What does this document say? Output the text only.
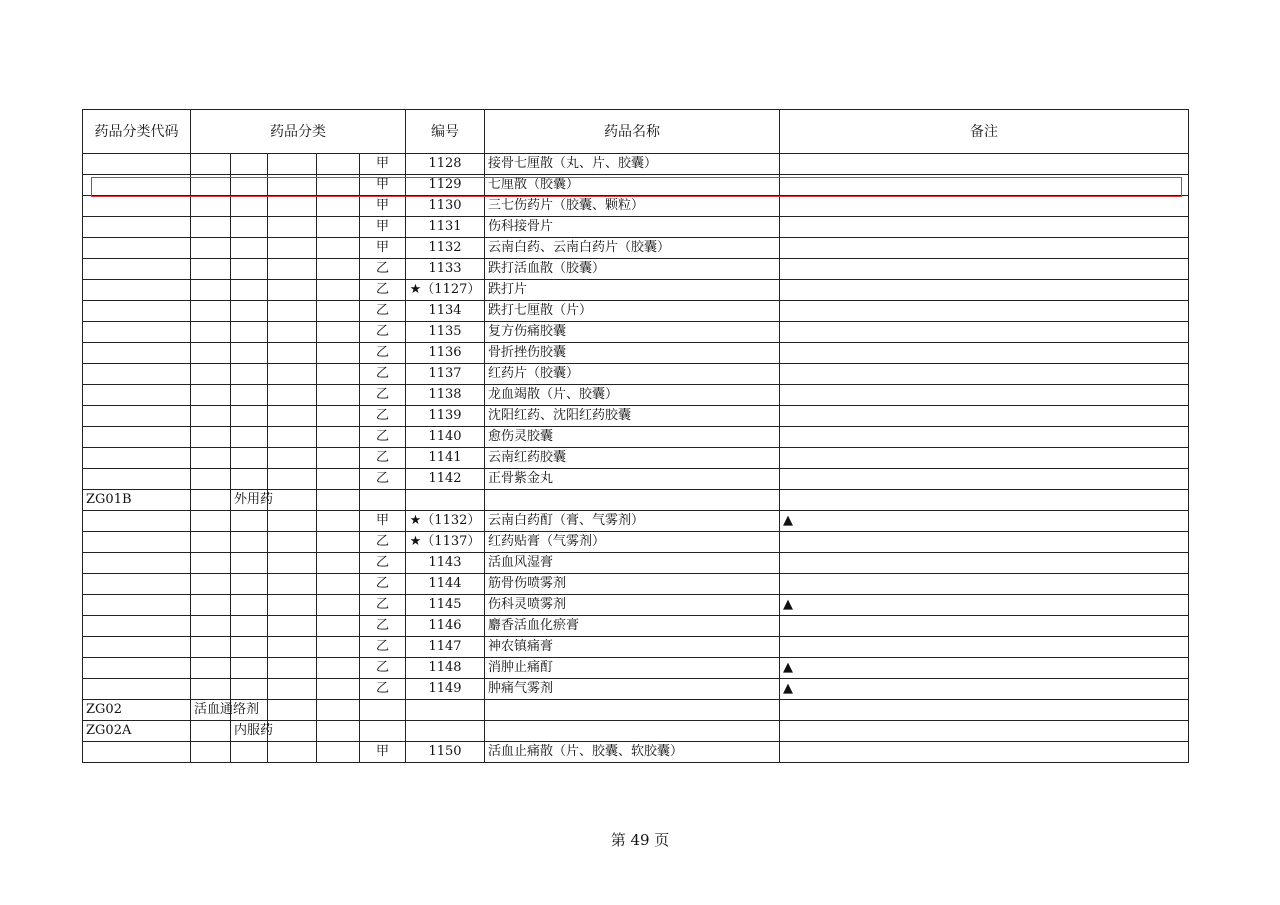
药品分类代码	药品分类					编号	药品名称	备注
					甲	1128	接骨七厘散（丸、片、胶囊）	
					甲	1129	七厘散（胶囊）	
					甲	1130	三七伤药片（胶囊、颗粒）	
					甲	1131	伤科接骨片	
					甲	1132	云南白药、云南白药片（胶囊）	
					乙	1133	跌打活血散（胶囊）	
					乙	★（1127）	跌打片	
					乙	1134	跌打七厘散（片）	
					乙	1135	复方伤痛胶囊	
					乙	1136	骨折挫伤胶囊	
					乙	1137	红药片（胶囊）	
					乙	1138	龙血竭散（片、胶囊）	
					乙	1139	沈阳红药、沈阳红药胶囊	
					乙	1140	愈伤灵胶囊	
					乙	1141	云南红药胶囊	
					乙	1142	正骨紫金丸	
ZG01B		外用药						
					甲	★（1132）	云南白药酊（膏、气雾剂）	▲
					乙	★（1137）	红药贴膏（气雾剂）	
					乙	1143	活血风湿膏	
					乙	1144	筋骨伤喷雾剂	
					乙	1145	伤科灵喷雾剂	▲
					乙	1146	麝香活血化瘀膏	
					乙	1147	神农镇痛膏	
					乙	1148	消肿止痛酊	▲
					乙	1149	肿痛气雾剂	▲
ZG02	活血通络剂							
ZG02A		内服药						
					甲	1150	活血止痛散（片、胶囊、软胶囊）	
第 49 页
